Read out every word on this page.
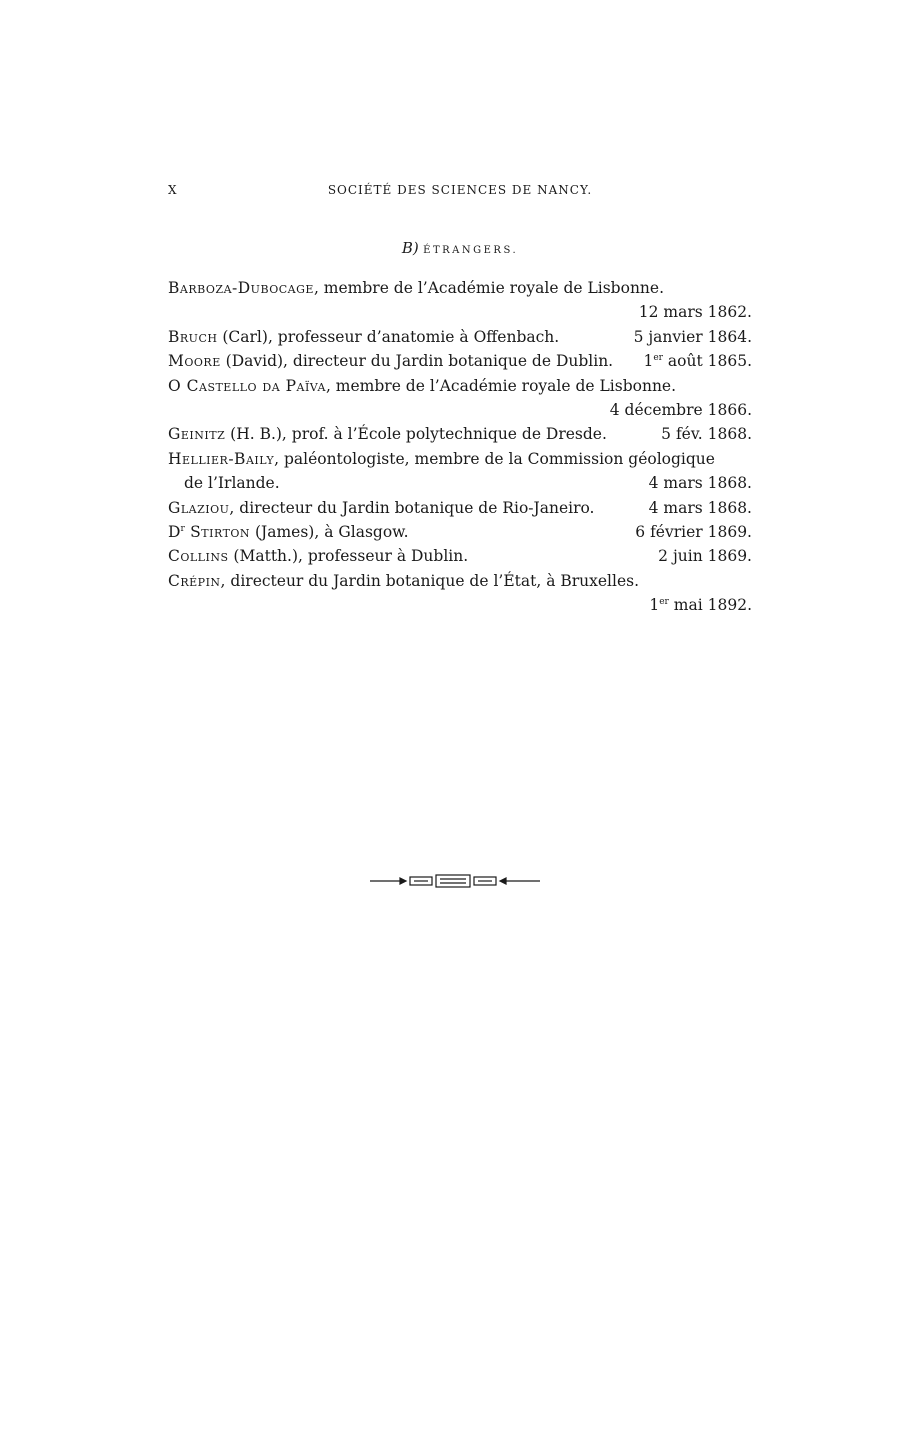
X	SOCIÉTÉ DES SCIENCES DE NANCY.
B) ÉTRANGERS.
Barboza-Dubocage, membre de l’Académie royale de Lisbonne.
12 mars 1862.
Bruch (Carl), professeur d’anatomie à Offenbach.	5 janvier 1864.
Moore (David), directeur du Jardin botanique de Dublin. 1er août 1865.
O Castello da Païva, membre de l’Académie royale de Lisbonne.
4 décembre 1866.
Geinitz (H. B.), prof. à l’École polytechnique de Dresde.	5 fév. 1868.
Hellier-Baily, paléontologiste, membre de la Commission géologique
de l’Irlande.	4 mars 1868.
Glaziou, directeur du Jardin botanique de Rio-Janeiro.	4 mars 1868.
$D^r$ Stirton (James), à Glasgow.	6 février 1869.
Collins (Matth.), professeur à Dublin.	2 juin 1869.
Crépin, directeur du Jardin botanique de l’État, à Bruxelles.
1er mai 1892.
